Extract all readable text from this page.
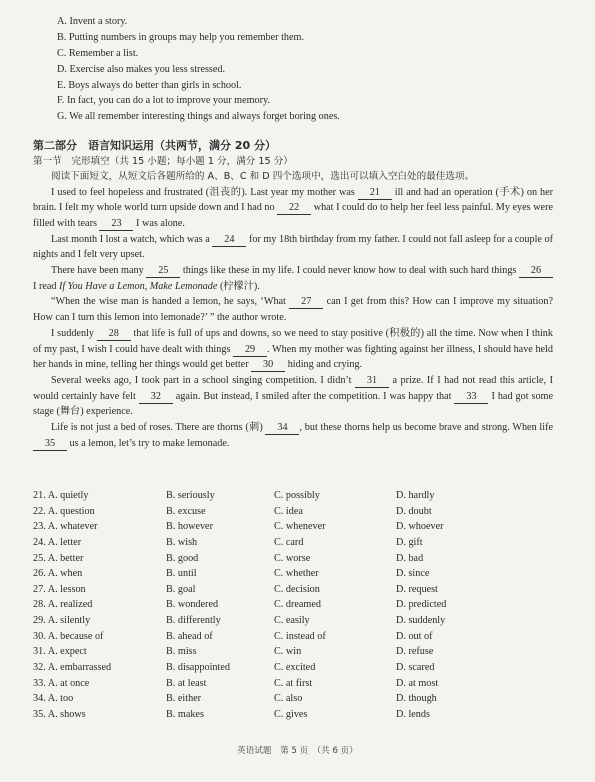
A. Invent a story.
B. Putting numbers in groups may help you remember them.
C. Remember a list.
D. Exercise also makes you less stressed.
E. Boys always do better than girls in school.
F. In fact, you can do a lot to improve your memory.
G. We all remember interesting things and always forget boring ones.
第二部分　语言知识运用（共两节，满分 20 分）
第一节　完形填空（共 15 小题；每小题 1 分，满分 15 分）
阅读下面短文，从短文后各题所给的 A、B、C 和 D 四个选项中，选出可以填入空白处的最佳选项。
I used to feel hopeless and frustrated (沮丧的). Last year my mother was 21 ill and had an operation (手术) on her brain. I felt my whole world turn upside down and I had no 22 what I could do to help her feel less painful. My eyes were filled with tears 23 I was alone.
Last month I lost a watch, which was a 24 for my 18th birthday from my father. I could not fall asleep for a couple of nights and I felt very upset.
There have been many 25 things like these in my life. I could never know how to deal with such hard things 26 I read If You Have a Lemon, Make Lemonade (柠檬汁).
“When the wise man is handed a lemon, he says, ‘What 27 can I get from this? How can I improve my situation? How can I turn this lemon into lemonade?’ ” the author wrote.
I suddenly 28 that life is full of ups and downs, so we need to stay positive (积极的) all the time. Now when I think of my past, I wish I could have dealt with things 29 . When my mother was fighting against her illness, I should have held her hands in mine, telling her things would get better 30 hiding and crying.
Several weeks ago, I took part in a school singing competition. I didn’t 31 a prize. If I had not read this article, I would certainly have felt 32 again. But instead, I smiled after the competition. I was happy that 33 I had got some stage (舞台) experience.
Life is not just a bed of roses. There are thorns (刺) 34 , but these thorns help us become brave and strong. When life 35 us a lemon, let’s try to make lemonade.
21. A. quietly	B. seriously	C. possibly	D. hardly
22. A. question	B. excuse	C. idea	D. doubt
23. A. whatever	B. however	C. whenever	D. whoever
24. A. letter	B. wish	C. card	D. gift
25. A. better	B. good	C. worse	D. bad
26. A. when	B. until	C. whether	D. since
27. A. lesson	B. goal	C. decision	D. request
28. A. realized	B. wondered	C. dreamed	D. predicted
29. A. silently	B. differently	C. easily	D. suddenly
30. A. because of	B. ahead of	C. instead of	D. out of
31. A. expect	B. miss	C. win	D. refuse
32. A. embarrassed	B. disappointed	C. excited	D. scared
33. A. at once	B. at least	C. at first	D. at most
34. A. too	B. either	C. also	D. though
35. A. shows	B. makes	C. gives	D. lends
英语试题　第 5 页　（共 6 页）
